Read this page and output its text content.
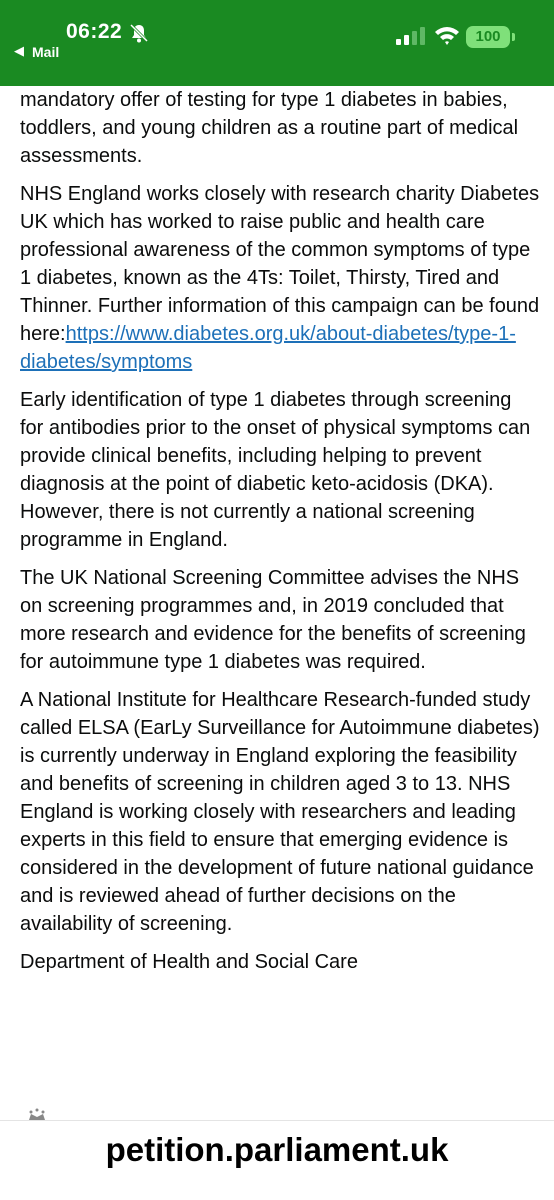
06:22
◀ Mail
100

mandatory offer of testing for type 1 diabetes in babies, toddlers, and young children as a routine part of medical assessments.

NHS England works closely with research charity Diabetes UK which has worked to raise public and health care professional awareness of the common symptoms of type 1 diabetes, known as the 4Ts: Toilet, Thirsty, Tired and Thinner. Further information of this campaign can be found here:https://www.diabetes.org.uk/about-diabetes/type-1-diabetes/symptoms

Early identification of type 1 diabetes through screening for antibodies prior to the onset of physical symptoms can provide clinical benefits, including helping to prevent diagnosis at the point of diabetic keto-acidosis (DKA). However, there is not currently a national screening programme in England.

The UK National Screening Committee advises the NHS on screening programmes and, in 2019 concluded that more research and evidence for the benefits of screening for autoimmune type 1 diabetes was required.

A National Institute for Healthcare Research-funded study called ELSA (EarLy Surveillance for Autoimmune diabetes) is currently underway in England exploring the feasibility and benefits of screening in children aged 3 to 13. NHS England is working closely with researchers and leading experts in this field to ensure that emerging evidence is considered in the development of future national guidance and is reviewed ahead of further decisions on the availability of screening.

Department of Health and Social Care

petition.parliament.uk
